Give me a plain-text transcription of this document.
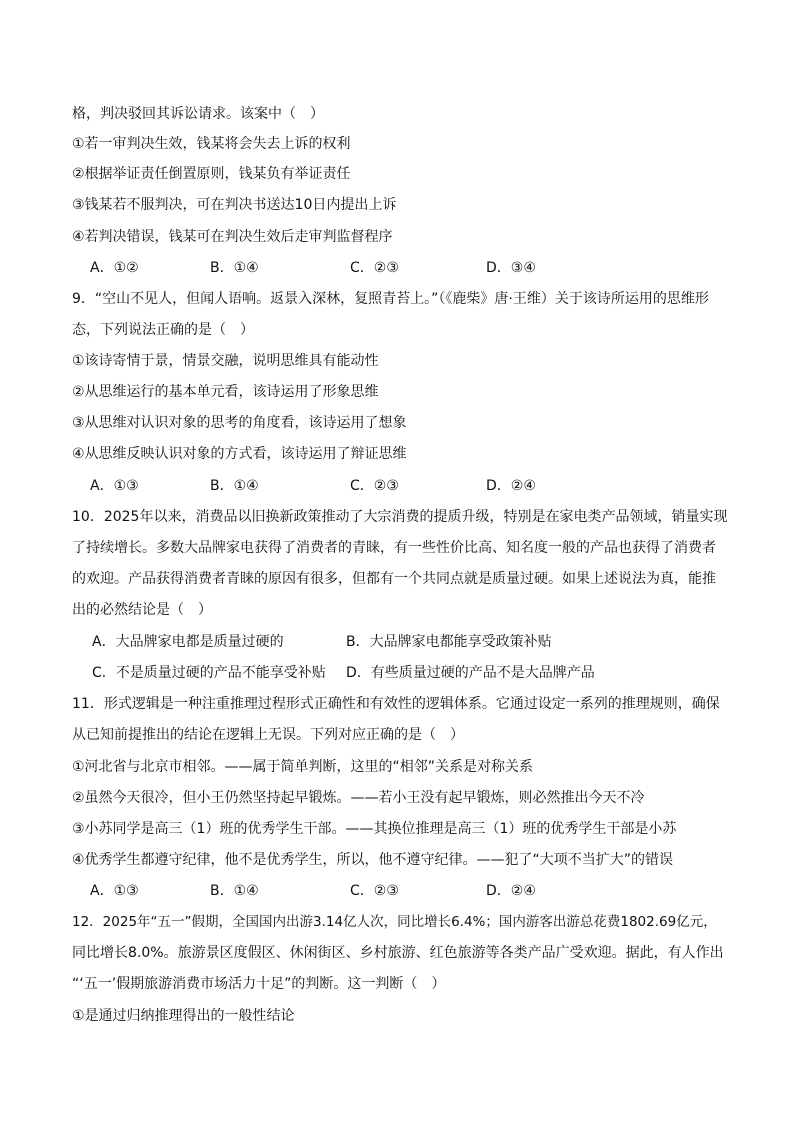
格，判决驳回其诉讼请求。该案中（　）
①若一审判决生效，钱某将会失去上诉的权利
②根据举证责任倒置原则，钱某负有举证责任
③钱某若不服判决，可在判决书送达10日内提出上诉
④若判决错误，钱某可在判决生效后走审判监督程序
A．①②	B．①④	C．②③	D．③④
9．“空山不见人，但闻人语响。返景入深林，复照青苔上。”（《鹿柴》唐·王维）关于该诗所运用的思维形
态，下列说法正确的是（　）
①该诗寄情于景，情景交融，说明思维具有能动性
②从思维运行的基本单元看，该诗运用了形象思维
③从思维对认识对象的思考的角度看，该诗运用了想象
④从思维反映认识对象的方式看，该诗运用了辩证思维
A．①③	B．①④	C．②③	D．②④
10．2025年以来，消费品以旧换新政策推动了大宗消费的提质升级，特别是在家电类产品领域，销量实现
了持续增长。多数大品牌家电获得了消费者的青睐，有一些性价比高、知名度一般的产品也获得了消费者
的欢迎。产品获得消费者青睐的原因有很多，但都有一个共同点就是质量过硬。如果上述说法为真，能推
出的必然结论是（　）
A．大品牌家电都是质量过硬的	B．大品牌家电都能享受政策补贴
C．不是质量过硬的产品不能享受补贴 D．有些质量过硬的产品不是大品牌产品
11．形式逻辑是一种注重推理过程形式正确性和有效性的逻辑体系。它通过设定一系列的推理规则，确保
从已知前提推出的结论在逻辑上无误。下列对应正确的是（　）
①河北省与北京市相邻。——属于简单判断，这里的“相邻”关系是对称关系
②虽然今天很冷，但小王仍然坚持起早锻炼。——若小王没有起早锻炼，则必然推出今天不冷
③小苏同学是高三（1）班的优秀学生干部。——其换位推理是高三（1）班的优秀学生干部是小苏
④优秀学生都遵守纪律，他不是优秀学生，所以，他不遵守纪律。——犯了“大项不当扩大”的错误
A．①③	B．①④	C．②③	D．②④
12．2025年“五一”假期，全国国内出游3.14亿人次，同比增长6.4%；国内游客出游总花费1802.69亿元，
同比增长8.0%。旅游景区度假区、休闲街区、乡村旅游、红色旅游等各类产品广受欢迎。据此，有人作出
“‘五一’假期旅游消费市场活力十足”的判断。这一判断（　）
①是通过归纳推理得出的一般性结论
